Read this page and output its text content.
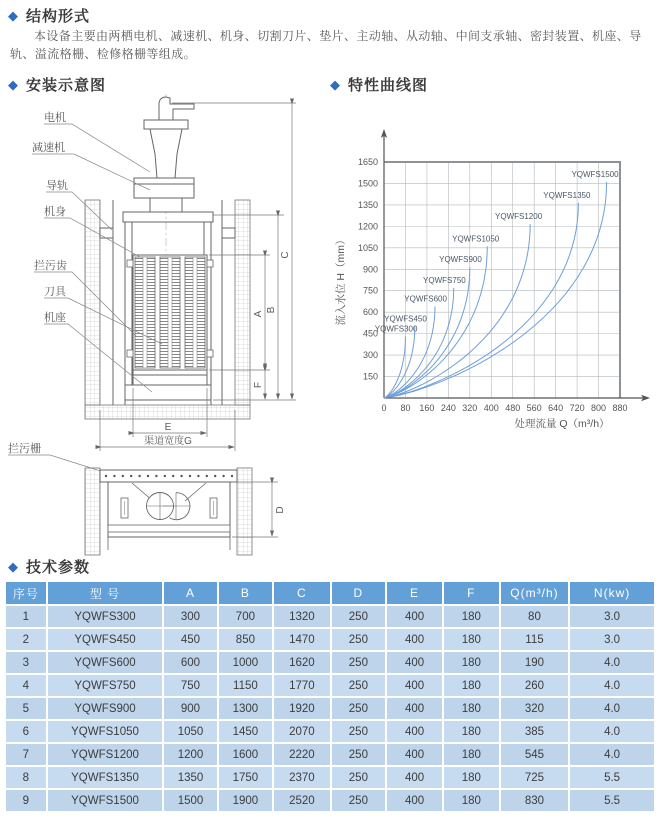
◆ 结构形式

本设备主要由两栖电机、减速机、机身、切割刀片、垫片、主动轴、从动轴、中间支承轴、密封装置、机座、导轨、溢流格栅、检修格栅等组成。

◆ 安装示意图	◆ 特性曲线图
电机
减速机
导轨
机身
拦污齿
刀具
机座
拦污栅
C
B
A
F
E
渠道宽度G
D
0 80 160 240 320 400 480 560 640 720 800 880
150
300
450
600
750
900
1050
1200
1350
1500
1650
YQWFS300
YQWFS450
YQWFS600
YQWFS750
YQWFS900
YQWFS1050
YQWFS1200
YQWFS1350
YQWFS1500
处理流量 Q（m³/h）
流入水位 H（mm）
◆ 技术参数
序号	型 号	A	B	C	D	E	F	Q(m³/h)	N(kw)
1	YQWFS300	300	700	1320	250	400	180	80	3.0
2	YQWFS450	450	850	1470	250	400	180	115	3.0
3	YQWFS600	600	1000	1620	250	400	180	190	4.0
4	YQWFS750	750	1150	1770	250	400	180	260	4.0
5	YQWFS900	900	1300	1920	250	400	180	320	4.0
6	YQWFS1050	1050	1450	2070	250	400	180	385	4.0
7	YQWFS1200	1200	1600	2220	250	400	180	545	4.0
8	YQWFS1350	1350	1750	2370	250	400	180	725	5.5
9	YQWFS1500	1500	1900	2520	250	400	180	830	5.5
